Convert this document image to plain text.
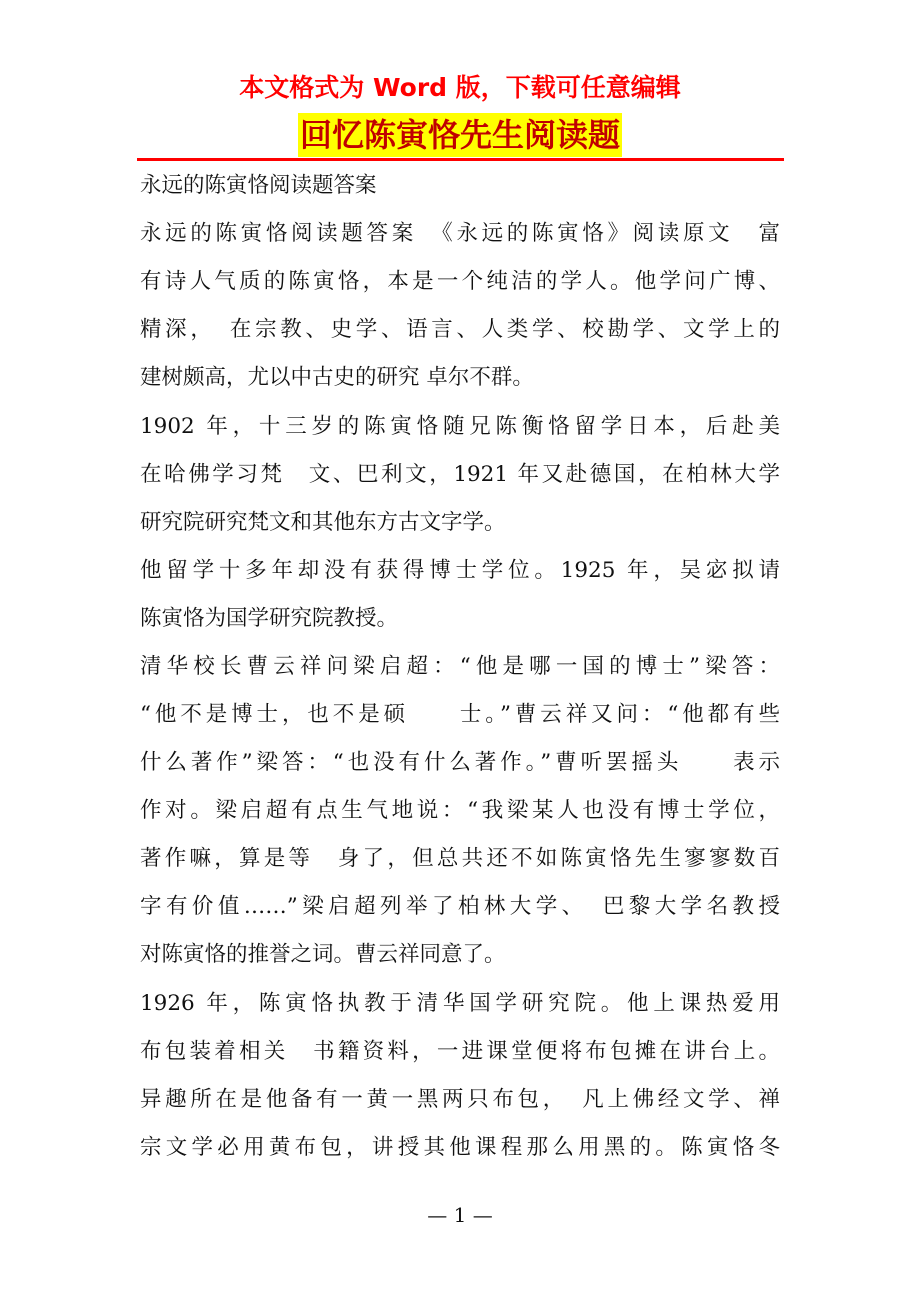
本文格式为 Word 版，下载可任意编辑
回忆陈寅恪先生阅读题
永远的陈寅恪阅读题答案
永远的陈寅恪阅读题答案　《永远的陈寅恪》阅读原文　富
有诗人气质的陈寅恪，本是一个纯洁的学人。他学问广博、
精深，　在宗教、史学、语言、人类学、校勘学、文学上的
建树颇高，尤以中古史的研究 卓尔不群。
1902 年，十三岁的陈寅恪随兄陈衡恪留学日本，后赴美
在哈佛学习梵　文、巴利文，1921 年又赴德国，在柏林大学
研究院研究梵文和其他东方古文字学。
他留学十多年却没有获得博士学位。1925 年，吴宓拟请
陈寅恪为国学研究院教授。
清华校长曹云祥问梁启超：“他是哪一国的博士”梁答：
“他不是博士，也不是硕　　士。”曹云祥又问：“他都有些
什么著作”梁答：“也没有什么著作。”曹听罢摇头　　表示
作对。梁启超有点生气地说：“我梁某人也没有博士学位，
著作嘛，算是等　身了，但总共还不如陈寅恪先生寥寥数百
字有价值……”梁启超列举了柏林大学、　巴黎大学名教授
对陈寅恪的推誉之词。曹云祥同意了。
1926 年，陈寅恪执教于清华国学研究院。他上课热爱用
布包装着相关　书籍资料，一进课堂便将布包摊在讲台上。
异趣所在是他备有一黄一黑两只布包，　凡上佛经文学、禅
宗文学必用黄布包，讲授其他课程那么用黑的。陈寅恪冬
— 1 —
